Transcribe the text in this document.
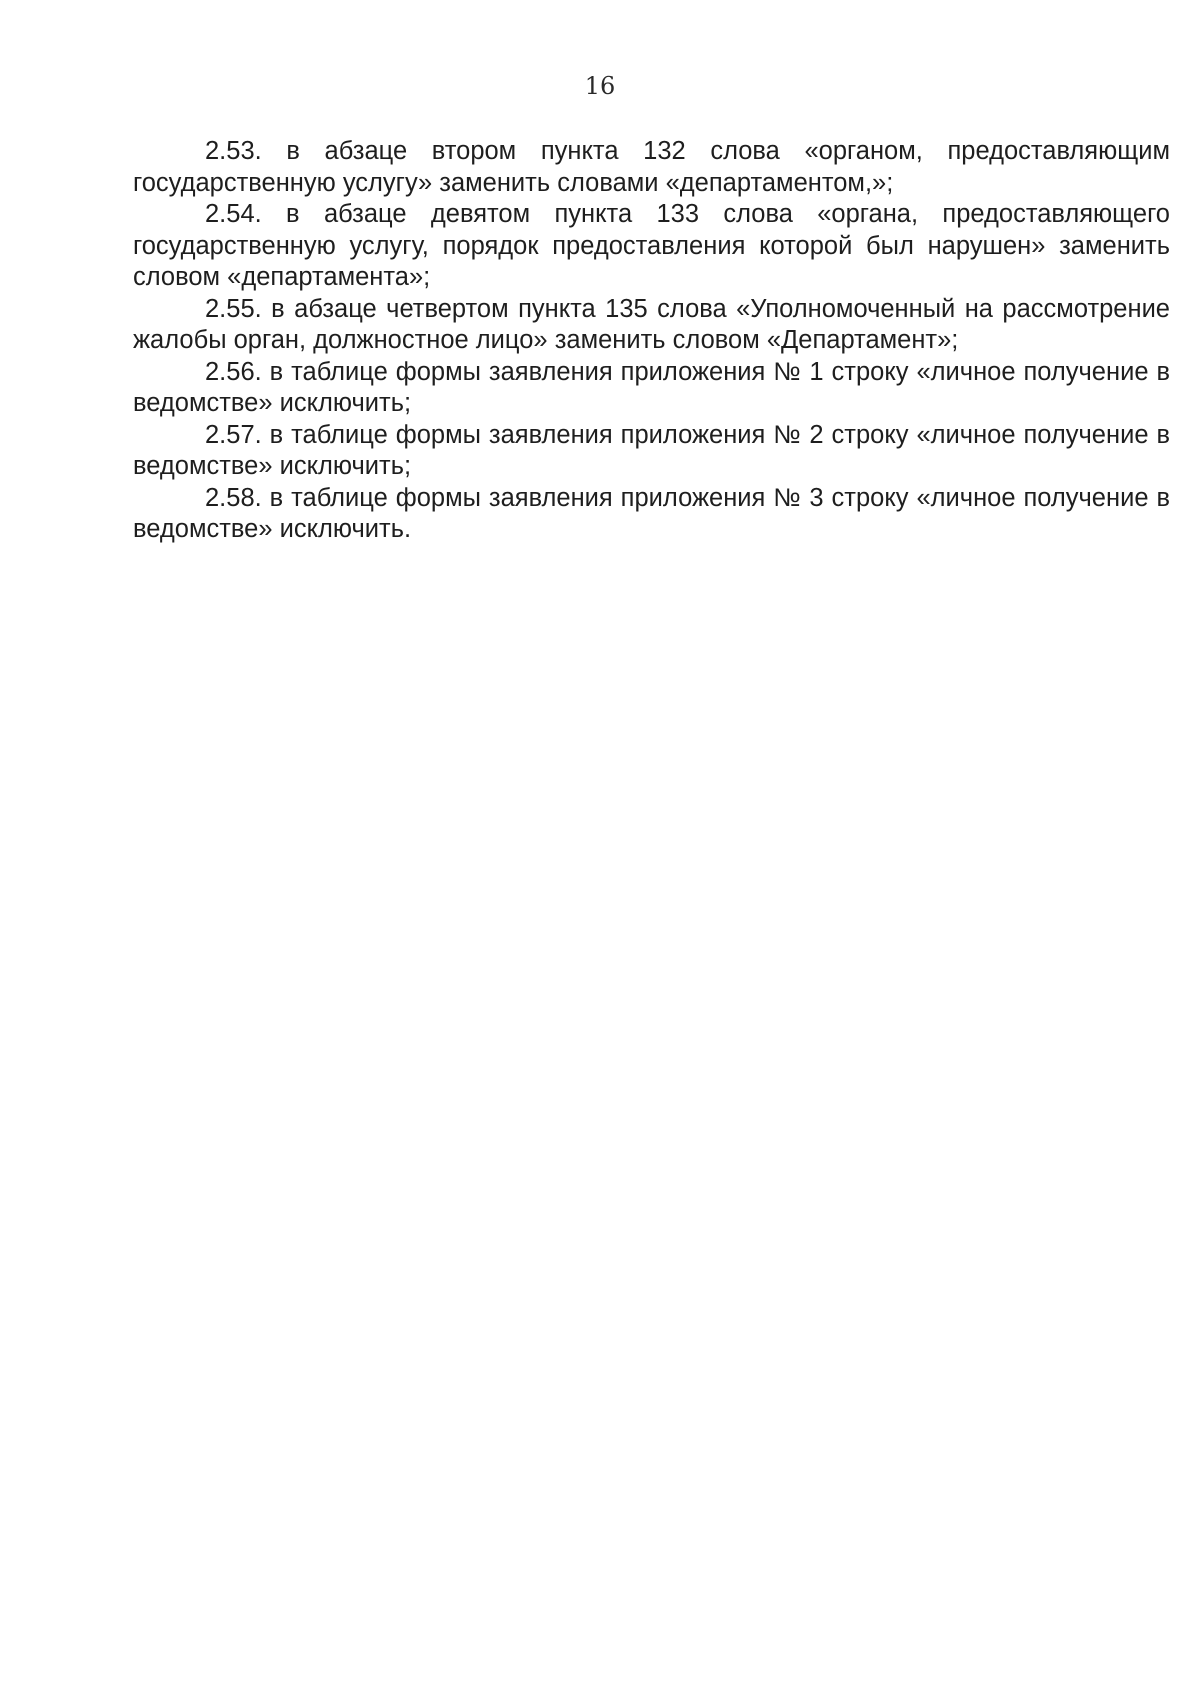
16

2.53. в абзаце втором пункта 132 слова «органом, предоставляющим государственную услугу» заменить словами «департаментом,»;

2.54. в абзаце девятом пункта 133 слова «органа, предоставляющего государственную услугу, порядок предоставления которой был нарушен» заменить словом «департамента»;

2.55. в абзаце четвертом пункта 135 слова «Уполномоченный на рассмотрение жалобы орган, должностное лицо» заменить словом «Департамент»;

2.56. в таблице формы заявления приложения № 1 строку «личное получение в ведомстве» исключить;

2.57. в таблице формы заявления приложения № 2 строку «личное получение в ведомстве» исключить;

2.58. в таблице формы заявления приложения № 3 строку «личное получение в ведомстве» исключить.
